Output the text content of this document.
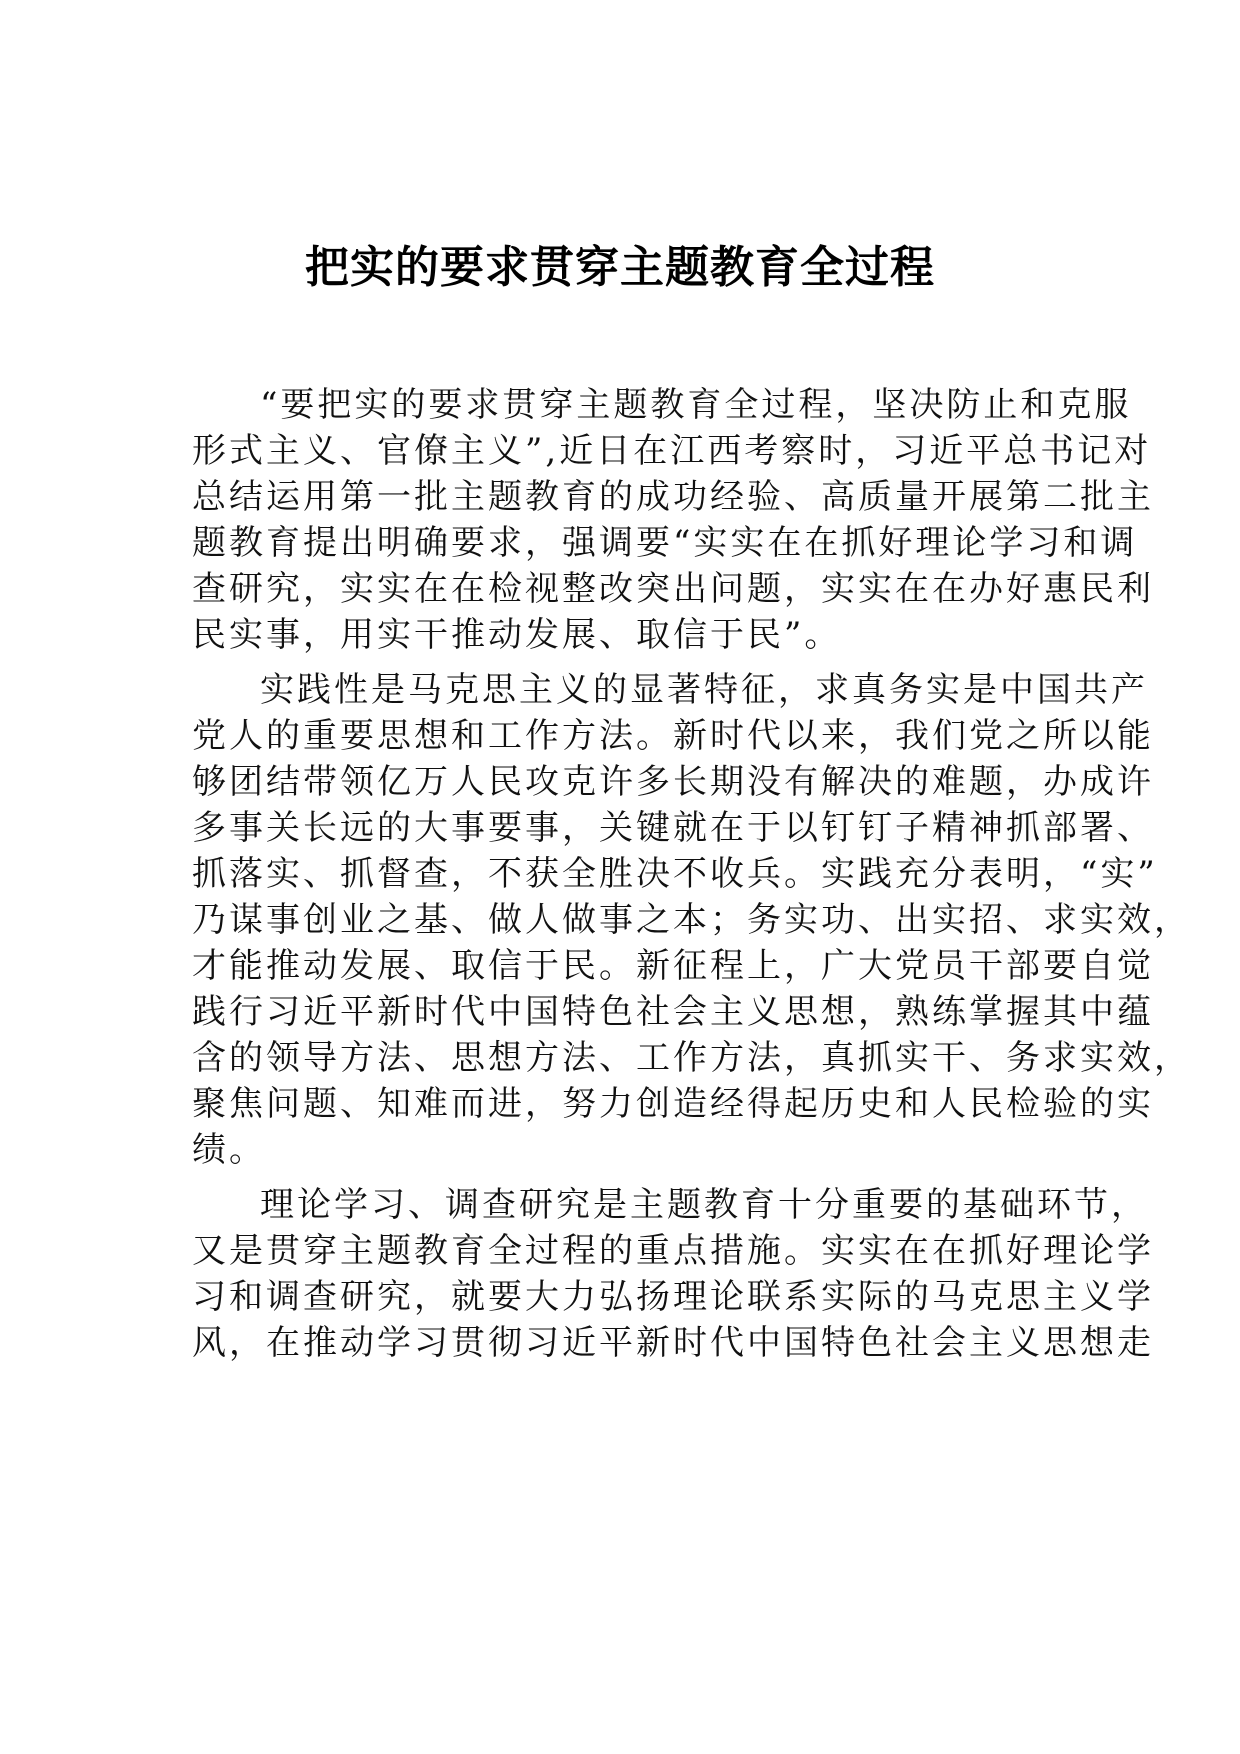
把实的要求贯穿主题教育全过程

“要把实的要求贯穿主题教育全过程，坚决防止和克服
形式主义、官僚主义”,近日在江西考察时，习近平总书记对
总结运用第一批主题教育的成功经验、高质量开展第二批主
题教育提出明确要求，强调要“实实在在抓好理论学习和调
查研究，实实在在检视整改突出问题，实实在在办好惠民利
民实事，用实干推动发展、取信于民”。

实践性是马克思主义的显著特征，求真务实是中国共产
党人的重要思想和工作方法。新时代以来，我们党之所以能
够团结带领亿万人民攻克许多长期没有解决的难题，办成许
多事关长远的大事要事，关键就在于以钉钉子精神抓部署、
抓落实、抓督查，不获全胜决不收兵。实践充分表明，“实”
乃谋事创业之基、做人做事之本；务实功、出实招、求实效，
才能推动发展、取信于民。新征程上，广大党员干部要自觉
践行习近平新时代中国特色社会主义思想，熟练掌握其中蕴
含的领导方法、思想方法、工作方法，真抓实干、务求实效，
聚焦问题、知难而进，努力创造经得起历史和人民检验的实
绩。

理论学习、调查研究是主题教育十分重要的基础环节，
又是贯穿主题教育全过程的重点措施。实实在在抓好理论学
习和调查研究，就要大力弘扬理论联系实际的马克思主义学
风，在推动学习贯彻习近平新时代中国特色社会主义思想走
